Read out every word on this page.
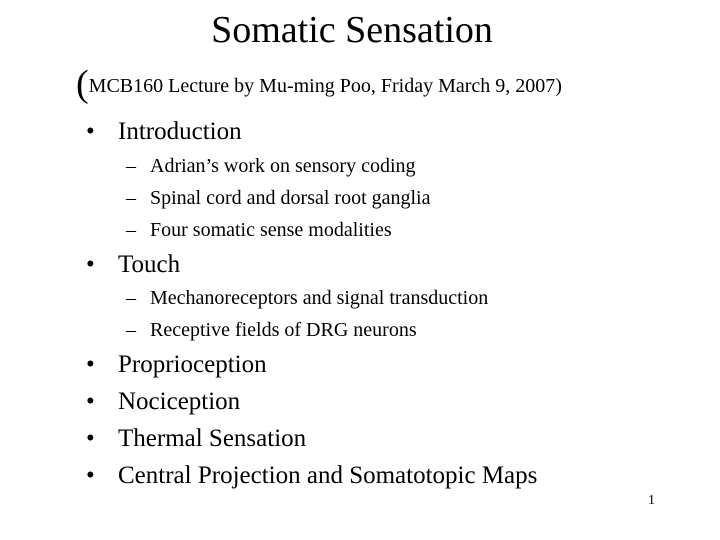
Somatic Sensation
(MCB160 Lecture by Mu-ming Poo, Friday March 9, 2007)
• Introduction
– Adrian’s work on sensory coding
– Spinal cord and dorsal root ganglia
– Four somatic sense modalities
• Touch
– Mechanoreceptors and signal transduction
– Receptive fields of DRG neurons
• Proprioception
• Nociception
• Thermal Sensation
• Central Projection and Somatotopic Maps
1
